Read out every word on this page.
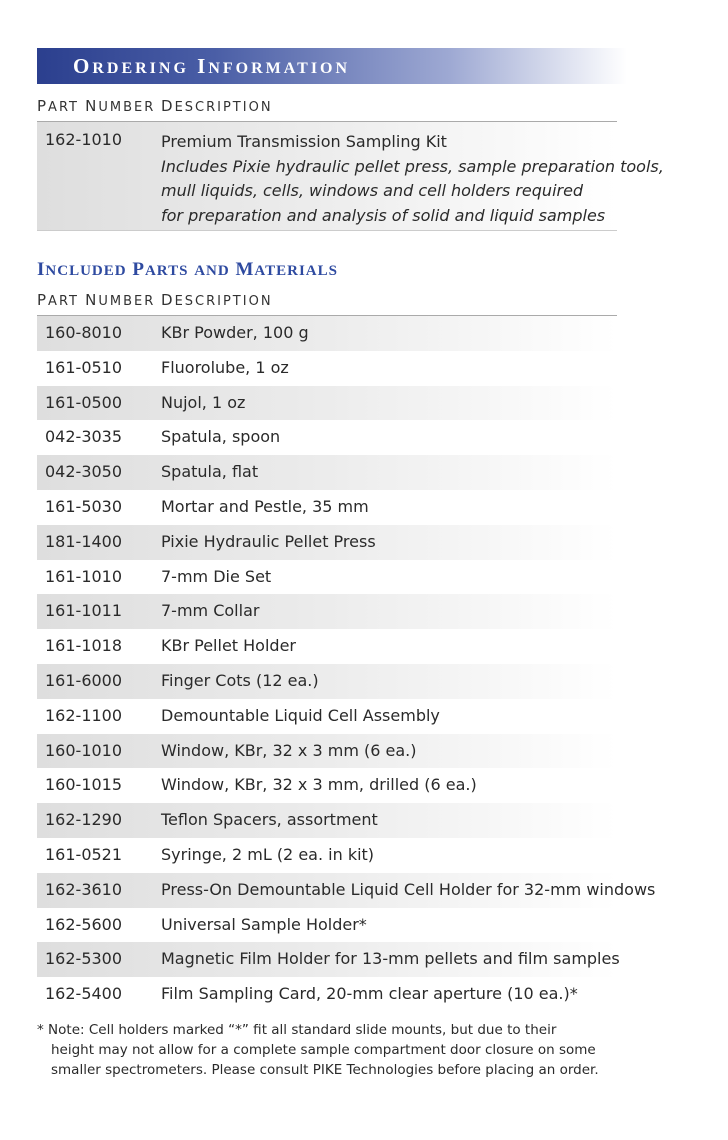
ORDERING INFORMATION
PART NUMBER DESCRIPTION
162-1010 Premium Transmission Sampling Kit
Includes Pixie hydraulic pellet press, sample preparation tools,
mull liquids, cells, windows and cell holders required
for preparation and analysis of solid and liquid samples
INCLUDED PARTS AND MATERIALS
PART NUMBER DESCRIPTION
160-8010 KBr Powder, 100 g
161-0510 Fluorolube, 1 oz
161-0500 Nujol, 1 oz
042-3035 Spatula, spoon
042-3050 Spatula, flat
161-5030 Mortar and Pestle, 35 mm
181-1400 Pixie Hydraulic Pellet Press
161-1010 7-mm Die Set
161-1011 7-mm Collar
161-1018 KBr Pellet Holder
161-6000 Finger Cots (12 ea.)
162-1100 Demountable Liquid Cell Assembly
160-1010 Window, KBr, 32 x 3 mm (6 ea.)
160-1015 Window, KBr, 32 x 3 mm, drilled (6 ea.)
162-1290 Teflon Spacers, assortment
161-0521 Syringe, 2 mL (2 ea. in kit)
162-3610 Press-On Demountable Liquid Cell Holder for 32-mm windows
162-5600 Universal Sample Holder*
162-5300 Magnetic Film Holder for 13-mm pellets and film samples
162-5400 Film Sampling Card, 20-mm clear aperture (10 ea.)*
* Note: Cell holders marked “*” fit all standard slide mounts, but due to their
height may not allow for a complete sample compartment door closure on some
smaller spectrometers. Please consult PIKE Technologies before placing an order.
